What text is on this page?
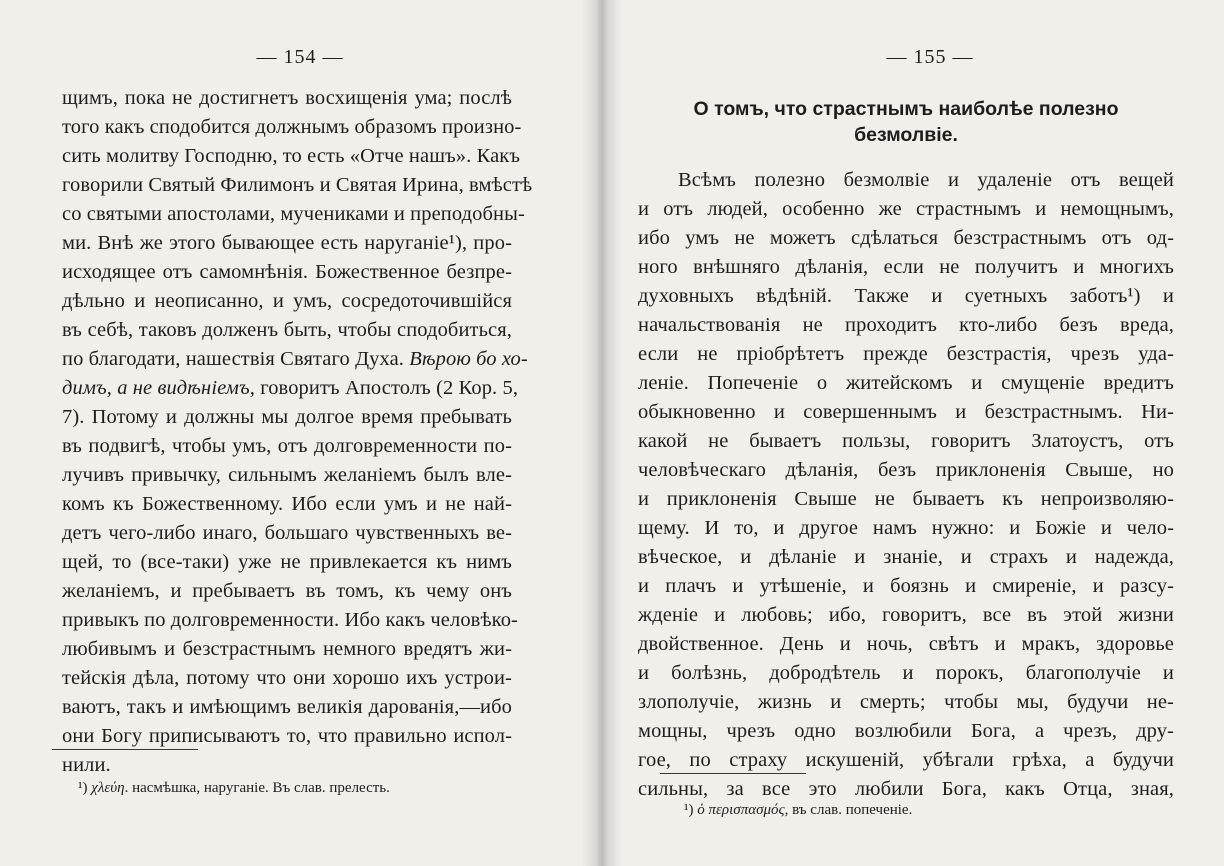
— 154 —
щимъ, пока не достигнетъ восхищенія ума; послѣ
того какъ сподобится должнымъ образомъ произно-
сить молитву Господню, то есть «Отче нашъ». Какъ
говорили Святый Филимонъ и Святая Ирина, вмѣстѣ
со святыми апостолами, мучениками и преподобны-
ми. Внѣ же этого бывающее есть наруганіе¹), про-
исходящее отъ самомнѣнія. Божественное безпре-
дѣльно и неописанно, и умъ, сосредоточившійся
въ себѣ, таковъ долженъ быть, чтобы сподобиться,
по благодати, нашествія Святаго Духа. Вѣрою бо хо-
димъ, а не видѣніемъ, говоритъ Апостолъ (2 Кор. 5,
7). Потому и должны мы долгое время пребывать
въ подвигѣ, чтобы умъ, отъ долговременности по-
лучивъ привычку, сильнымъ желаніемъ былъ вле-
комъ къ Божественному. Ибо если умъ и не най-
детъ чего-либо инаго, большаго чувственныхъ ве-
щей, то (все-таки) уже не привлекается къ нимъ
желаніемъ, и пребываетъ въ томъ, къ чему онъ
привыкъ по долговременности. Ибо какъ человѣко-
любивымъ и безстрастнымъ немного вредятъ жи-
тейскія дѣла, потому что они хорошо ихъ устрои-
ваютъ, такъ и имѣющимъ великія дарованія,—ибо
они Богу приписываютъ то, что правильно испол-
нили.
¹) χλεύη. насмѣшка, наруганіе. Въ слав. прелесть.
— 155 —
О томъ, что страстнымъ наиболѣе полезно
безмолвіе.
Всѣмъ полезно безмолвіе и удаленіе отъ вещей
и отъ людей, особенно же страстнымъ и немощнымъ,
ибо умъ не можетъ сдѣлаться безстрастнымъ отъ од-
ного внѣшняго дѣланія, если не получитъ и многихъ
духовныхъ вѣдѣній. Также и суетныхъ заботъ¹) и
начальствованія не проходитъ кто-либо безъ вреда,
если не пріобрѣтетъ прежде безстрастія, чрезъ уда-
леніе. Попеченіе о житейскомъ и смущеніе вредитъ
обыкновенно и совершеннымъ и безстрастнымъ. Ни-
какой не бываетъ пользы, говоритъ Златоустъ, отъ
человѣческаго дѣланія, безъ приклоненія Свыше, но
и приклоненія Свыше не бываетъ къ непроизволяю-
щему. И то, и другое намъ нужно: и Божіе и чело-
вѣческое, и дѣланіе и знаніе, и страхъ и надежда,
и плачъ и утѣшеніе, и боязнь и смиреніе, и разсу-
жденіе и любовь; ибо, говоритъ, все въ этой жизни
двойственное. День и ночь, свѣтъ и мракъ, здоровье
и болѣзнь, добродѣтель и порокъ, благополучіе и
злополучіе, жизнь и смерть; чтобы мы, будучи не-
мощны, чрезъ одно возлюбили Бога, а чрезъ, дру-
гое, по страху искушеній, убѣгали грѣха, а будучи
сильны, за все это любили Бога, какъ Отца, зная,
¹) ὁ περισπασμός, въ слав. попеченіе.
